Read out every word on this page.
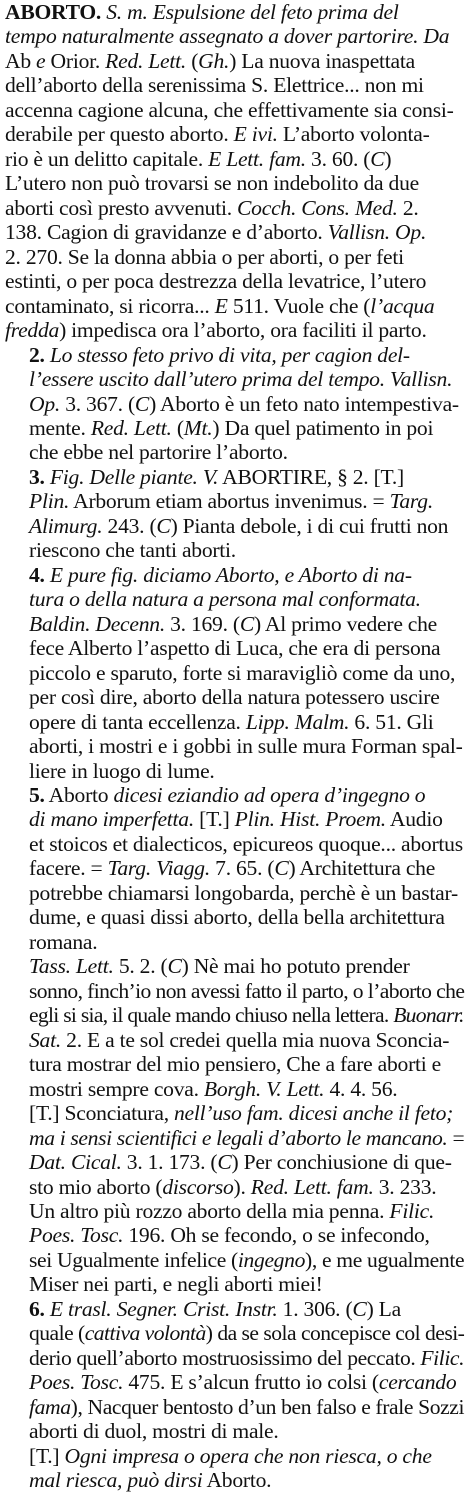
ABORTO. S. m. Espulsione del feto prima del
tempo naturalmente assegnato a dover partorire. Da
Ab e Orior. Red. Lett. (Gh.) La nuova inaspettata
dell’aborto della serenissima S. Elettrice... non mi
accenna cagione alcuna, che effettivamente sia consi-
derabile per questo aborto. E ivi. L’aborto volonta-
rio è un delitto capitale. E Lett. fam. 3. 60. (C)
L’utero non può trovarsi se non indebolito da due
aborti così presto avvenuti. Cocch. Cons. Med. 2.
138. Cagion di gravidanze e d’aborto. Vallisn. Op.
2. 270. Se la donna abbia o per aborti, o per feti
estinti, o per poca destrezza della levatrice, l’utero
contaminato, si ricorra... E 511. Vuole che (l’acqua
fredda) impedisca ora l’aborto, ora faciliti il parto.
2. Lo stesso feto privo di vita, per cagion del-
l’essere uscito dall’utero prima del tempo. Vallisn.
Op. 3. 367. (C) Aborto è un feto nato intempestiva-
mente. Red. Lett. (Mt.) Da quel patimento in poi
che ebbe nel partorire l’aborto.
3. Fig. Delle piante. V. ABORTIRE, § 2. [T.]
Plin. Arborum etiam abortus invenimus. = Targ.
Alimurg. 243. (C) Pianta debole, i di cui frutti non
riescono che tanti aborti.
4. E pure fig. diciamo Aborto, e Aborto di na-
tura o della natura a persona mal conformata.
Baldin. Decenn. 3. 169. (C) Al primo vedere che
fece Alberto l’aspetto di Luca, che era di persona
piccolo e sparuto, forte si maravigliò come da uno,
per così dire, aborto della natura potessero uscire
opere di tanta eccellenza. Lipp. Malm. 6. 51. Gli
aborti, i mostri e i gobbi in sulle mura Forman spal-
liere in luogo di lume.
5. Aborto dicesi eziandio ad opera d’ingegno o
di mano imperfetta. [T.] Plin. Hist. Proem. Audio
et stoicos et dialecticos, epicureos quoque... abortus
facere. = Targ. Viagg. 7. 65. (C) Architettura che
potrebbe chiamarsi longobarda, perchè è un bastar-
dume, e quasi dissi aborto, della bella architettura
romana.
Tass. Lett. 5. 2. (C) Nè mai ho potuto prender
sonno, finch’io non avessi fatto il parto, o l’aborto che
egli si sia, il quale mando chiuso nella lettera. Buonarr.
Sat. 2. E a te sol credei quella mia nuova Sconcia-
tura mostrar del mio pensiero, Che a fare aborti e
mostri sempre cova. Borgh. V. Lett. 4. 4. 56.
[T.] Sconciatura, nell’uso fam. dicesi anche il feto;
ma i sensi scientifici e legali d’aborto le mancano. =
Dat. Cical. 3. 1. 173. (C) Per conchiusione di que-
sto mio aborto (discorso). Red. Lett. fam. 3. 233.
Un altro più rozzo aborto della mia penna. Filic.
Poes. Tosc. 196. Oh se fecondo, o se infecondo,
sei Ugualmente infelice (ingegno), e me ugualmente
Miser nei parti, e negli aborti miei!
6. E trasl. Segner. Crist. Instr. 1. 306. (C) La
quale (cattiva volontà) da se sola concepisce col desi-
derio quell’aborto mostruosissimo del peccato. Filic.
Poes. Tosc. 475. E s’alcun frutto io colsi (cercando
fama), Nacquer bentosto d’un ben falso e frale Sozzi
aborti di duol, mostri di male.
[T.] Ogni impresa o opera che non riesca, o che
mal riesca, può dirsi Aborto.
